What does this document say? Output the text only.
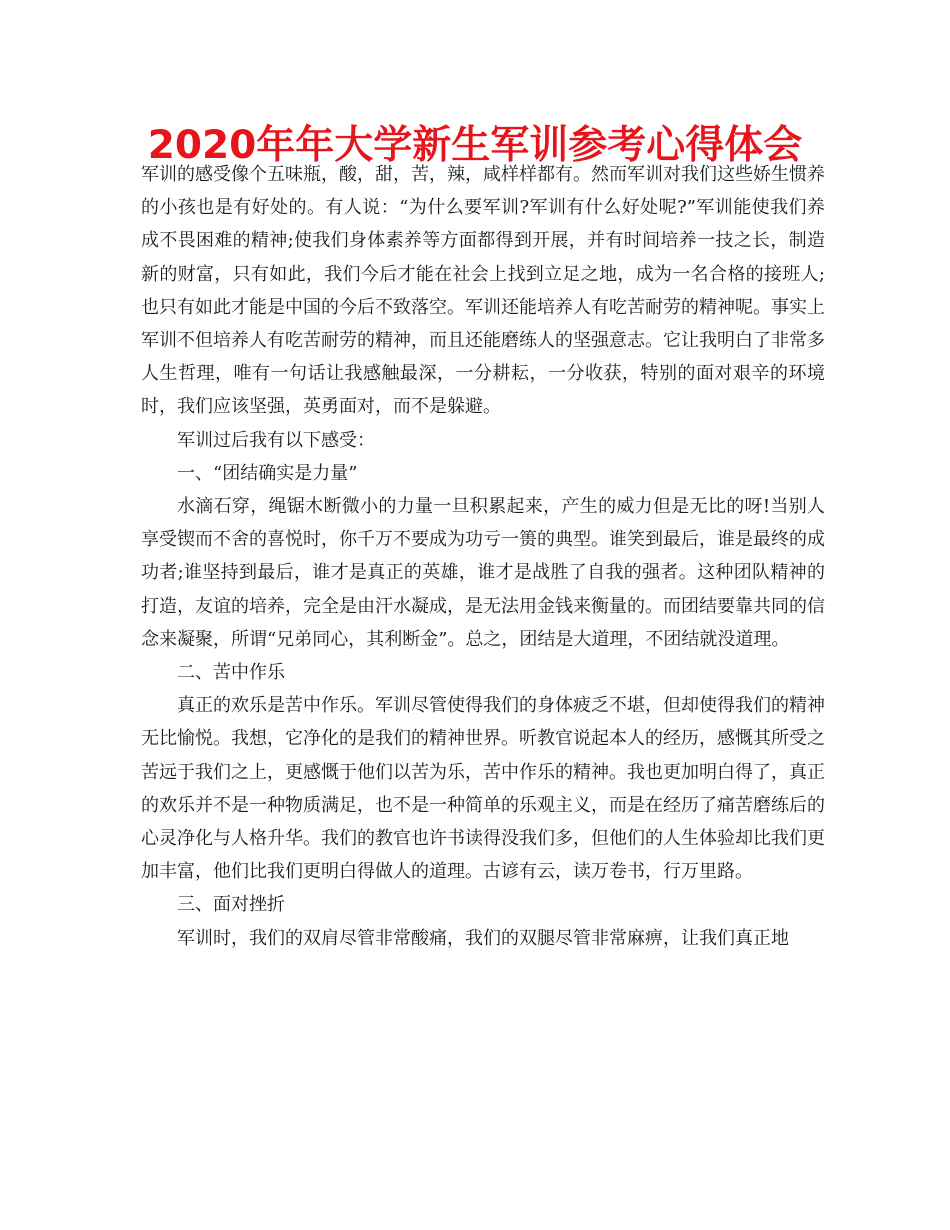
2020年年大学新生军训参考心得体会

军训的感受像个五味瓶，酸，甜，苦，辣，咸样样都有。然而军训对我们这些娇生惯养的小孩也是有好处的。有人说：“为什么要军训?军训有什么好处呢?”军训能使我们养成不畏困难的精神;使我们身体素养等方面都得到开展，并有时间培养一技之长，制造新的财富，只有如此，我们今后才能在社会上找到立足之地，成为一名合格的接班人;也只有如此才能是中国的今后不致落空。军训还能培养人有吃苦耐劳的精神呢。事实上军训不但培养人有吃苦耐劳的精神，而且还能磨练人的坚强意志。它让我明白了非常多人生哲理，唯有一句话让我感触最深，一分耕耘，一分收获，特别的面对艰辛的环境时，我们应该坚强，英勇面对，而不是躲避。

军训过后我有以下感受：

一、“团结确实是力量”

水滴石穿，绳锯木断微小的力量一旦积累起来，产生的威力但是无比的呀!当别人享受锲而不舍的喜悦时，你千万不要成为功亏一篑的典型。谁笑到最后，谁是最终的成功者;谁坚持到最后，谁才是真正的英雄，谁才是战胜了自我的强者。这种团队精神的打造，友谊的培养，完全是由汗水凝成，是无法用金钱来衡量的。而团结要靠共同的信念来凝聚，所谓“兄弟同心，其利断金”。总之，团结是大道理，不团结就没道理。

二、苦中作乐

真正的欢乐是苦中作乐。军训尽管使得我们的身体疲乏不堪，但却使得我们的精神无比愉悦。我想，它净化的是我们的精神世界。听教官说起本人的经历，感慨其所受之苦远于我们之上，更感慨于他们以苦为乐，苦中作乐的精神。我也更加明白得了，真正的欢乐并不是一种物质满足，也不是一种简单的乐观主义，而是在经历了痛苦磨练后的心灵净化与人格升华。我们的教官也许书读得没我们多，但他们的人生体验却比我们更加丰富，他们比我们更明白得做人的道理。古谚有云，读万卷书，行万里路。

三、面对挫折

军训时，我们的双肩尽管非常酸痛，我们的双腿尽管非常麻痹，让我们真正地
